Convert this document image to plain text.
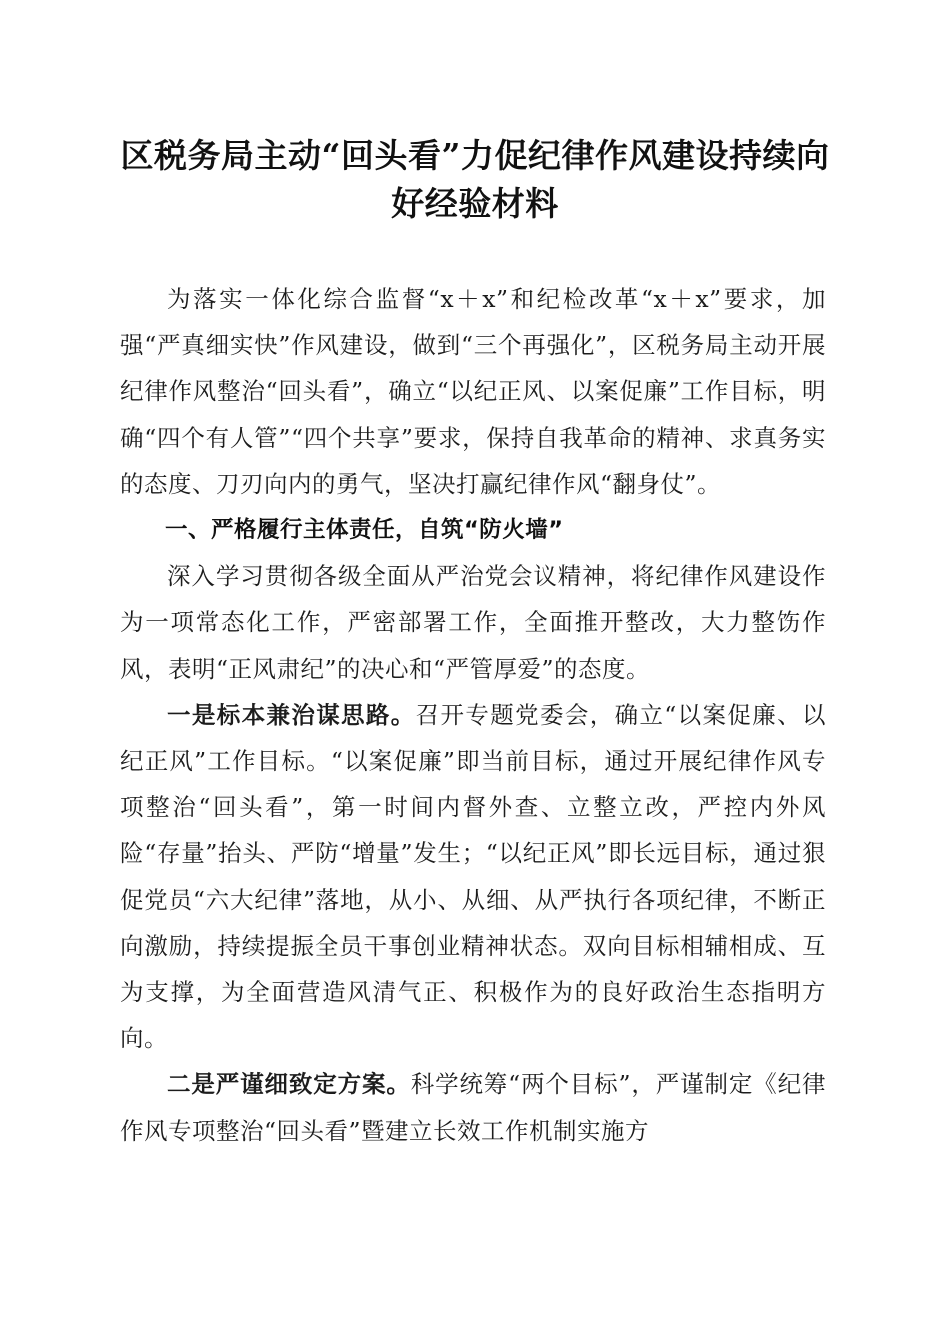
区税务局主动“回头看”力促纪律作风建设持续向好经验材料

为落实一体化综合监督“x＋x”和纪检改革“x＋x”要求，加强“严真细实快”作风建设，做到“三个再强化”，区税务局主动开展纪律作风整治“回头看”，确立“以纪正风、以案促廉”工作目标，明确“四个有人管”“四个共享”要求，保持自我革命的精神、求真务实的态度、刀刃向内的勇气，坚决打赢纪律作风“翻身仗”。

一、严格履行主体责任，自筑“防火墙”

深入学习贯彻各级全面从严治党会议精神，将纪律作风建设作为一项常态化工作，严密部署工作，全面推开整改，大力整饬作风，表明“正风肃纪”的决心和“严管厚爱”的态度。

一是标本兼治谋思路。召开专题党委会，确立“以案促廉、以纪正风”工作目标。“以案促廉”即当前目标，通过开展纪律作风专项整治“回头看”，第一时间内督外查、立整立改，严控内外风险“存量”抬头、严防“增量”发生；“以纪正风”即长远目标，通过狠促党员“六大纪律”落地，从小、从细、从严执行各项纪律，不断正向激励，持续提振全员干事创业精神状态。双向目标相辅相成、互为支撑，为全面营造风清气正、积极作为的良好政治生态指明方向。

二是严谨细致定方案。科学统筹“两个目标”，严谨制定《纪律作风专项整治“回头看”暨建立长效工作机制实施方
